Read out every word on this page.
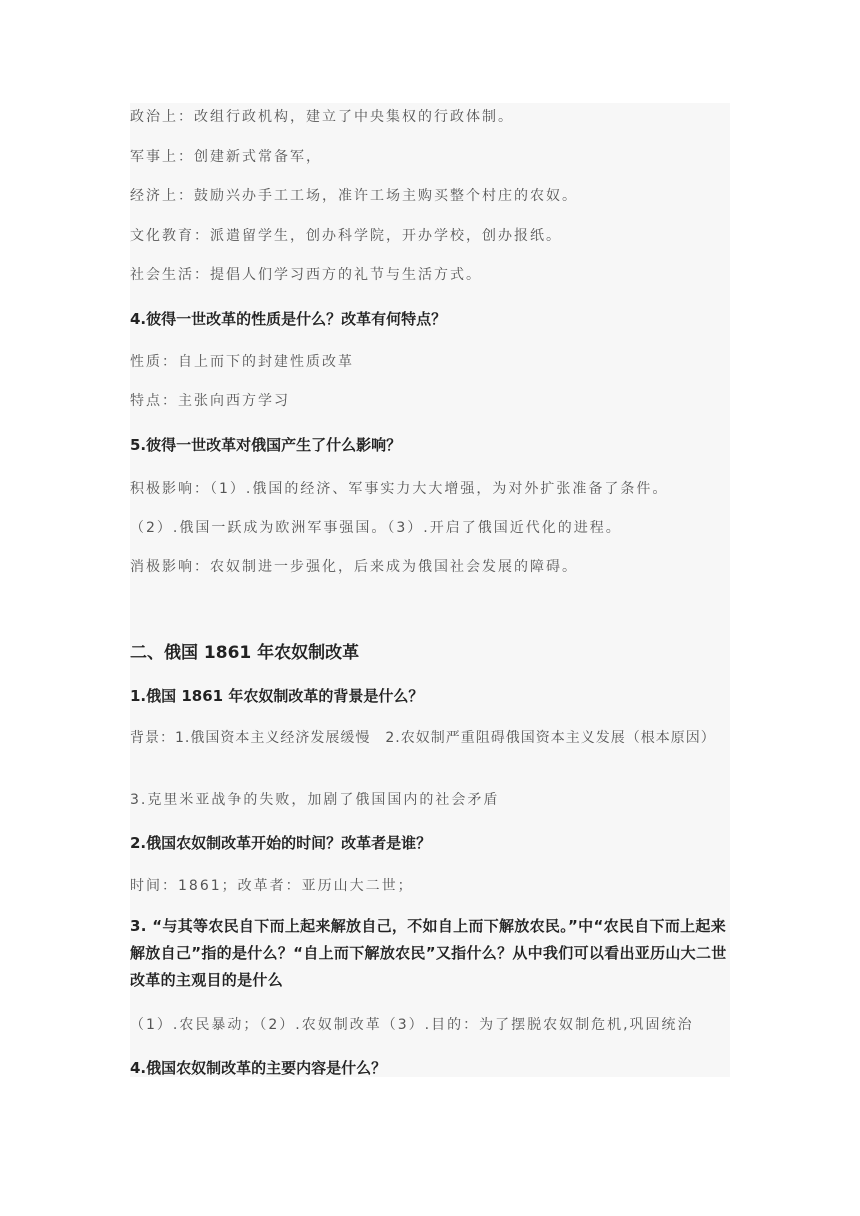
政治上：改组行政机构，建立了中央集权的行政体制。
军事上：创建新式常备军，
经济上：鼓励兴办手工工场，准许工场主购买整个村庄的农奴。
文化教育：派遣留学生，创办科学院，开办学校，创办报纸。
社会生活：提倡人们学习西方的礼节与生活方式。
4.彼得一世改革的性质是什么？改革有何特点？
性质：自上而下的封建性质改革
特点：主张向西方学习
5.彼得一世改革对俄国产生了什么影响？
积极影响：（1）.俄国的经济、军事实力大大增强，为对外扩张准备了条件。
（2）.俄国一跃成为欧洲军事强国。（3）.开启了俄国近代化的进程。
消极影响：农奴制进一步强化，后来成为俄国社会发展的障碍。
二、俄国 1861 年农奴制改革
1.俄国 1861 年农奴制改革的背景是什么？
背景：1.俄国资本主义经济发展缓慢　2.农奴制严重阻碍俄国资本主义发展（根本原因）
3.克里米亚战争的失败，加剧了俄国国内的社会矛盾
2.俄国农奴制改革开始的时间？改革者是谁？
时间：1861；改革者：亚历山大二世；
3. “与其等农民自下而上起来解放自己，不如自上而下解放农民。”中“农民自下而上起来解放自己”指的是什么？“自上而下解放农民”又指什么？从中我们可以看出亚历山大二世改革的主观目的是什么
（1）.农民暴动；（2）.农奴制改革（3）.目的：为了摆脱农奴制危机,巩固统治
4.俄国农奴制改革的主要内容是什么？
